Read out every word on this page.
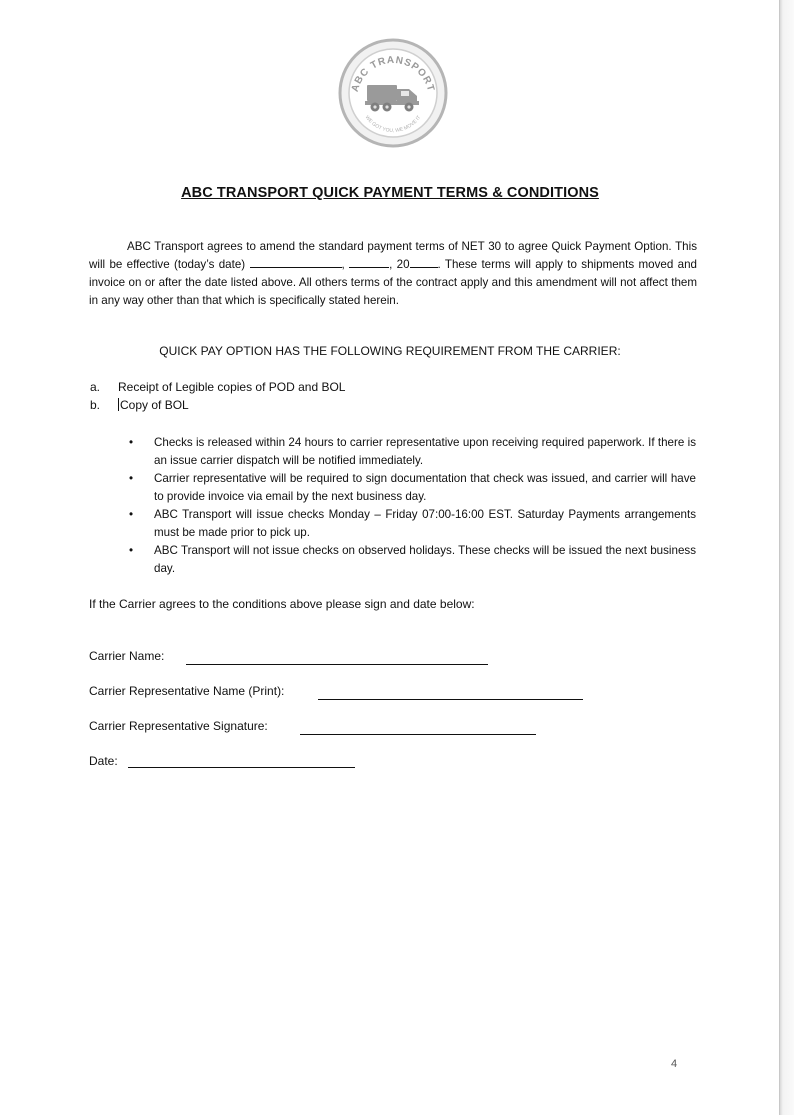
ABC TRANSPORT
WE GOT YOU, WE MOVE IT
ABC TRANSPORT QUICK PAYMENT TERMS & CONDITIONS
ABC Transport agrees to amend the standard payment terms of NET 30 to agree Quick Payment Option. This will be effective (today’s date)	,	, 20 . These terms will apply to shipments moved and invoice on or after the date listed above. All others terms of the contract apply and this amendment will not affect them in any way other than that which is specifically stated herein.
QUICK PAY OPTION HAS THE FOLLOWING REQUIREMENT FROM THE CARRIER:
a.	Receipt of Legible copies of POD and BOL
b.	Copy of BOL
•	Checks is released within 24 hours to carrier representative upon receiving required paperwork. If there is an issue carrier dispatch will be notified immediately.
•	Carrier representative will be required to sign documentation that check was issued, and carrier will have to provide invoice via email by the next business day.
•	ABC Transport will issue checks Monday – Friday 07:00-16:00 EST. Saturday Payments arrangements must be made prior to pick up.
•	ABC Transport will not issue checks on observed holidays. These checks will be issued the next business day.
If the Carrier agrees to the conditions above please sign and date below:
Carrier Name:
Carrier Representative Name (Print):
Carrier Representative Signature:
Date:
4
